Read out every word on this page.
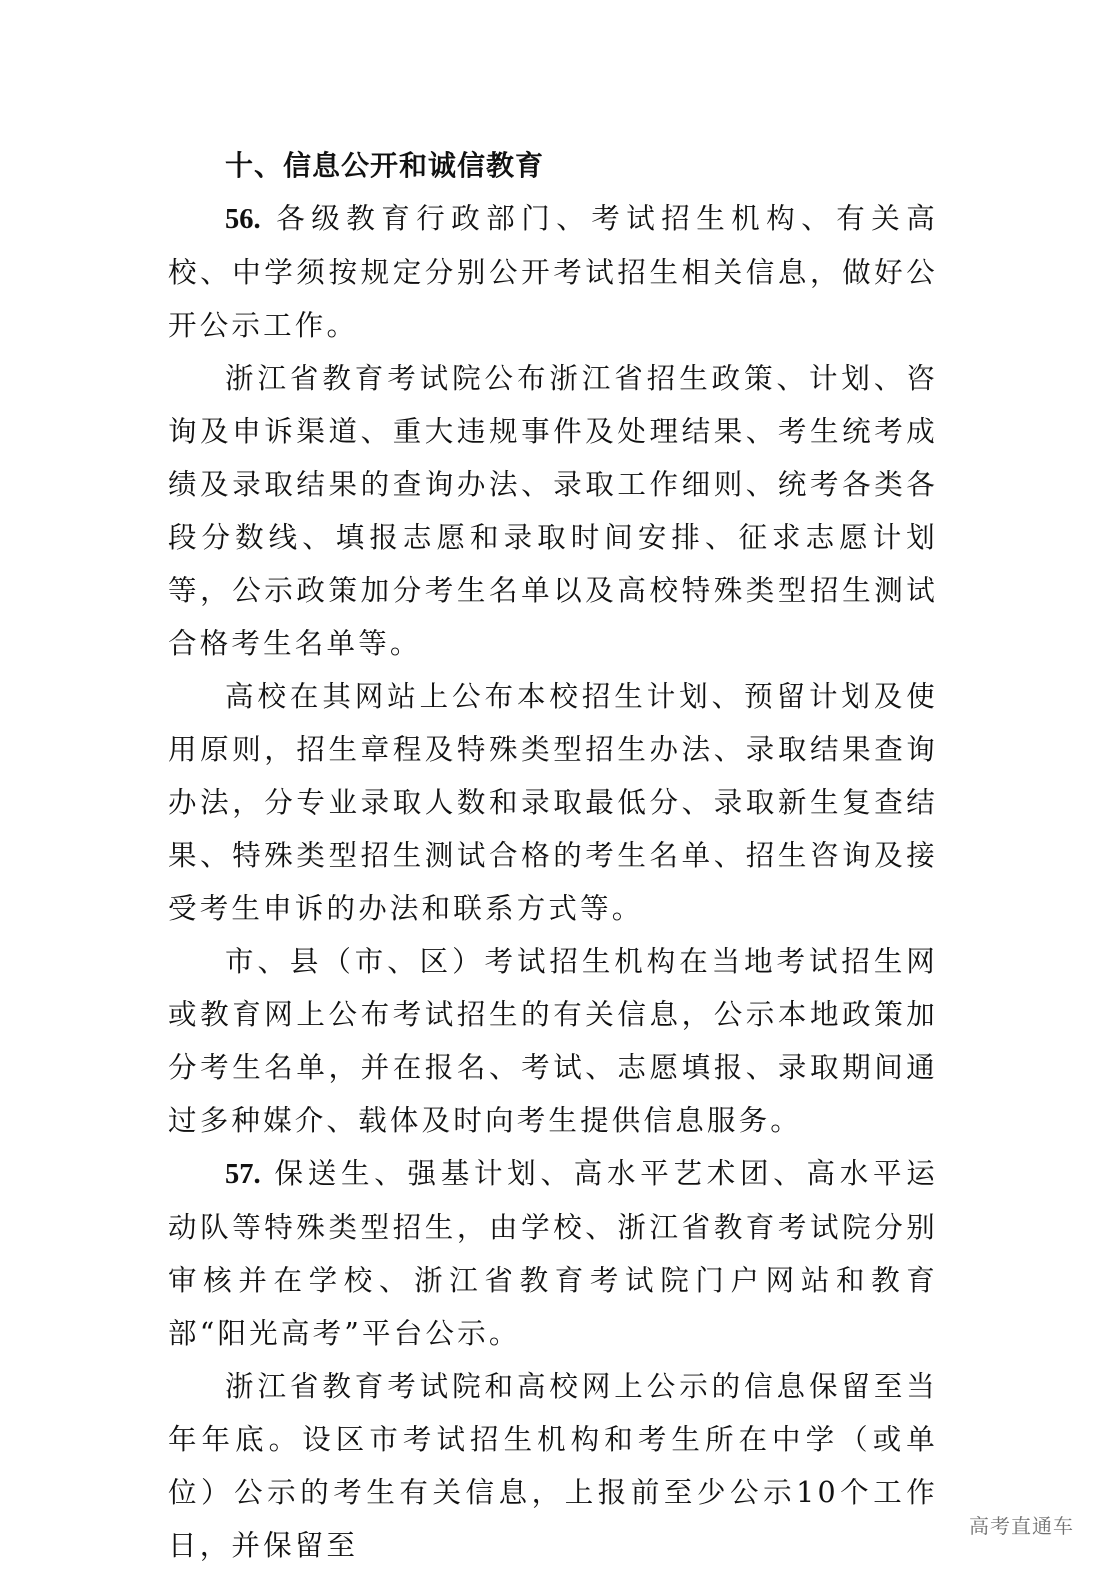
十、信息公开和诚信教育

56. 各级教育行政部门、考试招生机构、有关高校、中学须按规定分别公开考试招生相关信息，做好公开公示工作。

浙江省教育考试院公布浙江省招生政策、计划、咨询及申诉渠道、重大违规事件及处理结果、考生统考成绩及录取结果的查询办法、录取工作细则、统考各类各段分数线、填报志愿和录取时间安排、征求志愿计划等，公示政策加分考生名单以及高校特殊类型招生测试合格考生名单等。

高校在其网站上公布本校招生计划、预留计划及使用原则，招生章程及特殊类型招生办法、录取结果查询办法，分专业录取人数和录取最低分、录取新生复查结果、特殊类型招生测试合格的考生名单、招生咨询及接受考生申诉的办法和联系方式等。

市、县（市、区）考试招生机构在当地考试招生网或教育网上公布考试招生的有关信息，公示本地政策加分考生名单，并在报名、考试、志愿填报、录取期间通过多种媒介、载体及时向考生提供信息服务。

57. 保送生、强基计划、高水平艺术团、高水平运动队等特殊类型招生，由学校、浙江省教育考试院分别审核并在学校、浙江省教育考试院门户网站和教育部“阳光高考”平台公示。

浙江省教育考试院和高校网上公示的信息保留至当年年底。设区市考试招生机构和考生所在中学（或单位）公示的考生有关信息，上报前至少公示10个工作日，并保留至

高考直通车
